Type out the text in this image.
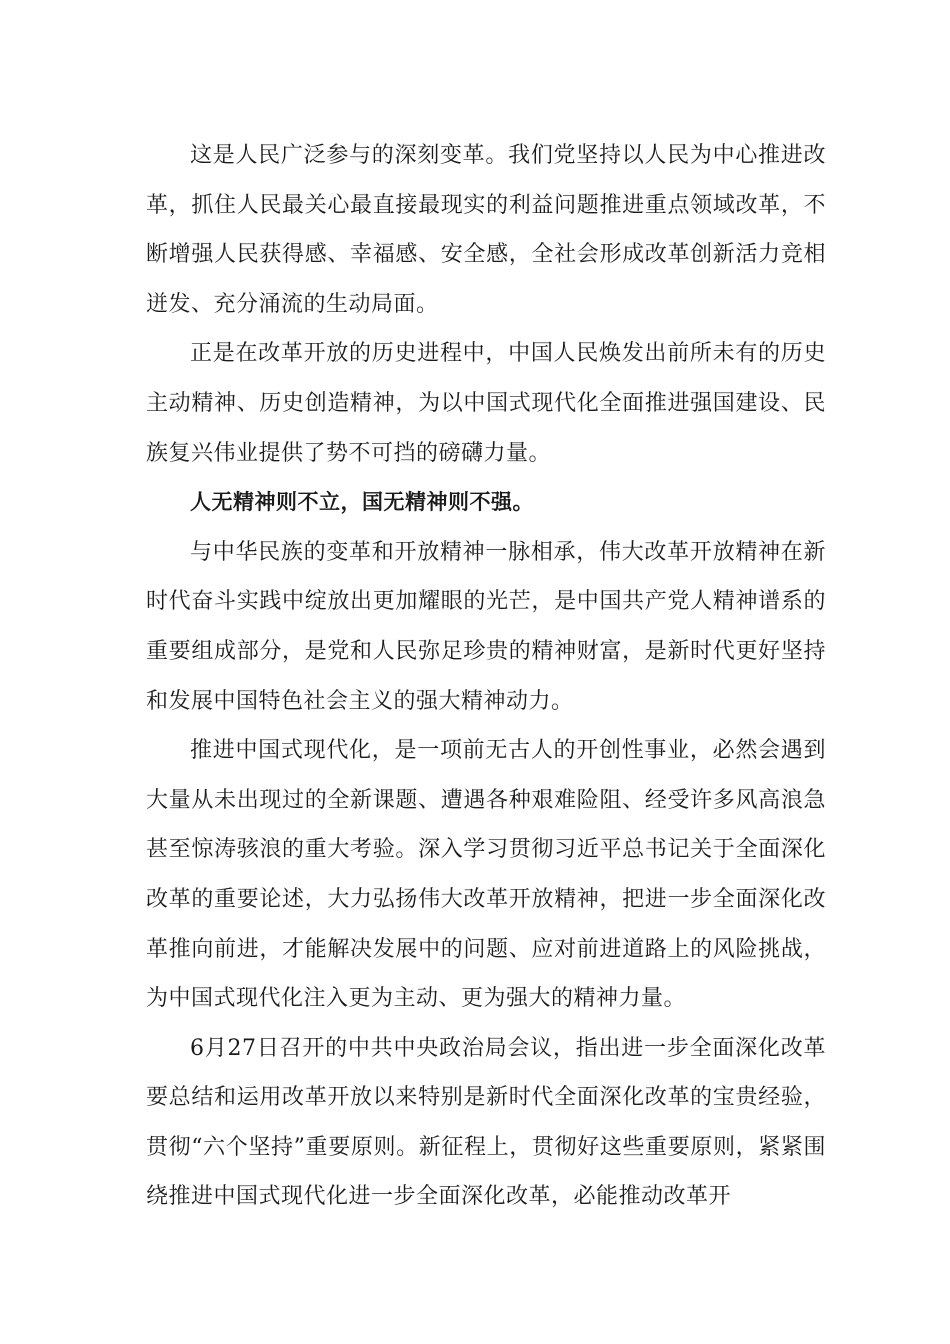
这是人民广泛参与的深刻变革。我们党坚持以人民为中心推进改革，抓住人民最关心最直接最现实的利益问题推进重点领域改革，不断增强人民获得感、幸福感、安全感，全社会形成改革创新活力竞相迸发、充分涌流的生动局面。

正是在改革开放的历史进程中，中国人民焕发出前所未有的历史主动精神、历史创造精神，为以中国式现代化全面推进强国建设、民族复兴伟业提供了势不可挡的磅礴力量。

人无精神则不立，国无精神则不强。

与中华民族的变革和开放精神一脉相承，伟大改革开放精神在新时代奋斗实践中绽放出更加耀眼的光芒，是中国共产党人精神谱系的重要组成部分，是党和人民弥足珍贵的精神财富，是新时代更好坚持和发展中国特色社会主义的强大精神动力。

推进中国式现代化，是一项前无古人的开创性事业，必然会遇到大量从未出现过的全新课题、遭遇各种艰难险阻、经受许多风高浪急甚至惊涛骇浪的重大考验。深入学习贯彻习近平总书记关于全面深化改革的重要论述，大力弘扬伟大改革开放精神，把进一步全面深化改革推向前进，才能解决发展中的问题、应对前进道路上的风险挑战， 为中国式现代化注入更为主动、更为强大的精神力量。

6月27日召开的中共中央政治局会议，指出进一步全面深化改革要总结和运用改革开放以来特别是新时代全面深化改革的宝贵经验， 贯彻“六个坚持”重要原则。新征程上，贯彻好这些重要原则，紧紧围绕推进中国式现代化进一步全面深化改革，必能推动改革开
